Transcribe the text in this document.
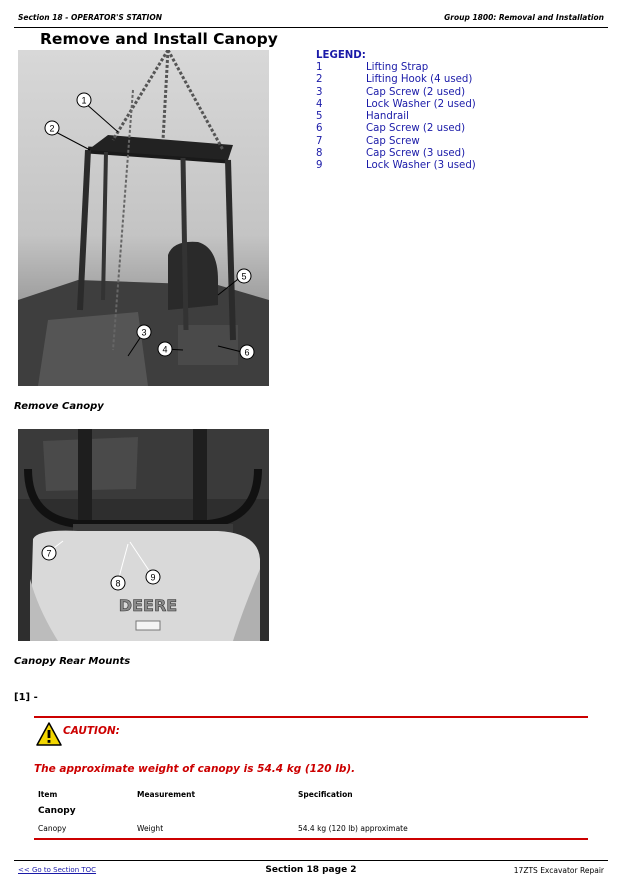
Section 18 - OPERATOR'S STATION	Group 1800: Removal and Installation
Remove and Install Canopy
1
2
3
4
5
6
LEGEND:
1	Lifting Strap
2	Lifting Hook (4 used)
3	Cap Screw (2 used)
4	Lock Washer (2 used)
5	Handrail
6	Cap Screw (2 used)
7	Cap Screw
8	Cap Screw (3 used)
9	Lock Washer (3 used)
Remove Canopy
DEERE
7
8
9
Canopy Rear Mounts
[1] -
CAUTION:
The approximate weight of canopy is 54.4 kg (120 lb).
Item	Measurement	Specification
Canopy
Canopy	Weight	54.4 kg (120 lb) approximate
<< Go to Section TOC	Section 18 page 2	17ZTS Excavator Repair
